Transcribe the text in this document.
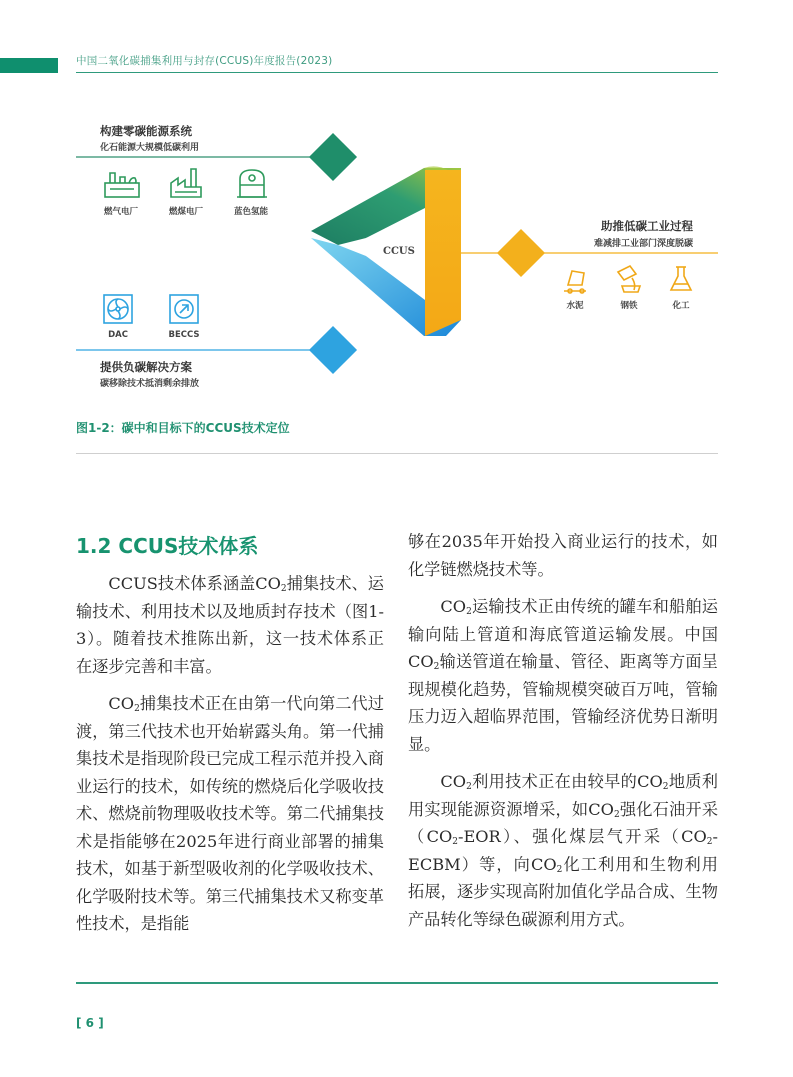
中国二氧化碳捕集利用与封存(CCUS)年度报告(2023)
构建零碳能源系统
化石能源大规模低碳利用
燃气电厂	燃煤电厂	蓝色氢能
CCUS
助推低碳工业过程
难减排工业部门深度脱碳
水泥	钢铁	化工
DAC	BECCS
提供负碳解决方案
碳移除技术抵消剩余排放
图1-2：碳中和目标下的CCUS技术定位
1.2 CCUS技术体系

CCUS技术体系涵盖$CO_2$捕集技术、运输技术、利用技术以及地质封存技术（图1-3）。随着技术推陈出新，这一技术体系正在逐步完善和丰富。

$CO_2$捕集技术正在由第一代向第二代过渡，第三代技术也开始崭露头角。第一代捕集技术是指现阶段已完成工程示范并投入商业运行的技术，如传统的燃烧后化学吸收技术、燃烧前物理吸收技术等。第二代捕集技术是指能够在2025年进行商业部署的捕集技术，如基于新型吸收剂的化学吸收技术、化学吸附技术等。第三代捕集技术又称变革性技术，是指能

够在2035年开始投入商业运行的技术，如化学链燃烧技术等。

$CO_2$运输技术正由传统的罐车和船舶运输向陆上管道和海底管道运输发展。中国$CO_2$输送管道在输量、管径、距离等方面呈现规模化趋势，管输规模突破百万吨，管输压力迈入超临界范围，管输经济优势日渐明显。

$CO_2$利用技术正在由较早的$CO_2$地质利用实现能源资源增采，如$CO_2$强化石油开采$(CO_2-EOR)$、强化煤层气开采$(CO_2-ECBM)$等，向$CO_2$化工利用和生物利用拓展，逐步实现高附加值化学品合成、生物产品转化等绿色碳源利用方式。

[ 6 ]
